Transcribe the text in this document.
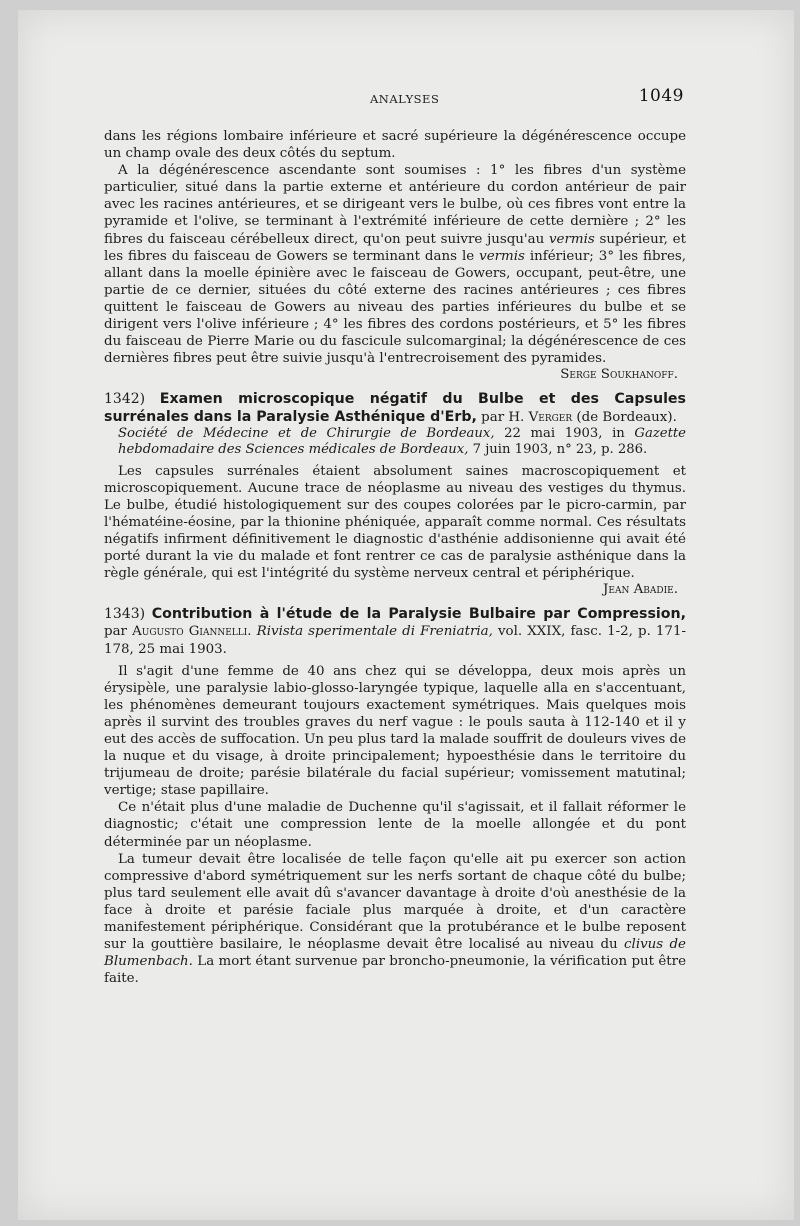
ANALYSES	1049

dans les régions lombaire inférieure et sacré supérieure la dégénérescence occupe un champ ovale des deux côtés du septum.

A la dégénérescence ascendante sont soumises : 1° les fibres d'un système particulier, situé dans la partie externe et antérieure du cordon antérieur de pair avec les racines antérieures, et se dirigeant vers le bulbe, où ces fibres vont entre la pyramide et l'olive, se terminant à l'extrémité inférieure de cette dernière ; 2° les fibres du faisceau cérébelleux direct, qu'on peut suivre jusqu'au vermis supérieur, et les fibres du faisceau de Gowers se terminant dans le vermis inférieur; 3° les fibres, allant dans la moelle épinière avec le faisceau de Gowers, occupant, peut-être, une partie de ce dernier, situées du côté externe des racines antérieures ; ces fibres quittent le faisceau de Gowers au niveau des parties inférieures du bulbe et se dirigent vers l'olive inférieure ; 4° les fibres des cordons postérieurs, et 5° les fibres du faisceau de Pierre Marie ou du fascicule sulcomarginal; la dégénérescence de ces dernières fibres peut être suivie jusqu'à l'entrecroisement des pyramides.

Serge Soukhanoff.

1342) Examen microscopique négatif du Bulbe et des Capsules surrénales dans la Paralysie Asthénique d'Erb, par H. Verger (de Bordeaux).

Société de Médecine et de Chirurgie de Bordeaux, 22 mai 1903, in Gazette hebdomadaire des Sciences médicales de Bordeaux, 7 juin 1903, n° 23, p. 286.

Les capsules surrénales étaient absolument saines macroscopiquement et microscopiquement. Aucune trace de néoplasme au niveau des vestiges du thymus. Le bulbe, étudié histologiquement sur des coupes colorées par le picro-carmin, par l'hématéine-éosine, par la thionine phéniquée, apparaît comme normal. Ces résultats négatifs infirment définitivement le diagnostic d'asthénie addisonienne qui avait été porté durant la vie du malade et font rentrer ce cas de paralysie asthénique dans la règle générale, qui est l'intégrité du système nerveux central et périphérique.

Jean Abadie.

1343) Contribution à l'étude de la Paralysie Bulbaire par Compression, par Augusto Giannelli. Rivista sperimentale di Freniatria, vol. XXIX, fasc. 1-2, p. 171-178, 25 mai 1903.

Il s'agit d'une femme de 40 ans chez qui se développa, deux mois après un érysipèle, une paralysie labio-glosso-laryngée typique, laquelle alla en s'accentuant, les phénomènes demeurant toujours exactement symétriques. Mais quelques mois après il survint des troubles graves du nerf vague : le pouls sauta à 112-140 et il y eut des accès de suffocation. Un peu plus tard la malade souffrit de douleurs vives de la nuque et du visage, à droite principalement; hypoesthésie dans le territoire du trijumeau de droite; parésie bilatérale du facial supérieur; vomissement matutinal; vertige; stase papillaire.

Ce n'était plus d'une maladie de Duchenne qu'il s'agissait, et il fallait réformer le diagnostic; c'était une compression lente de la moelle allongée et du pont déterminée par un néoplasme.

La tumeur devait être localisée de telle façon qu'elle ait pu exercer son action compressive d'abord symétriquement sur les nerfs sortant de chaque côté du bulbe; plus tard seulement elle avait dû s'avancer davantage à droite d'où anesthésie de la face à droite et parésie faciale plus marquée à droite, et d'un caractère manifestement périphérique. Considérant que la protubérance et le bulbe reposent sur la gouttière basilaire, le néoplasme devait être localisé au niveau du clivus de Blumenbach. La mort étant survenue par broncho-pneumonie, la vérification put être faite.
